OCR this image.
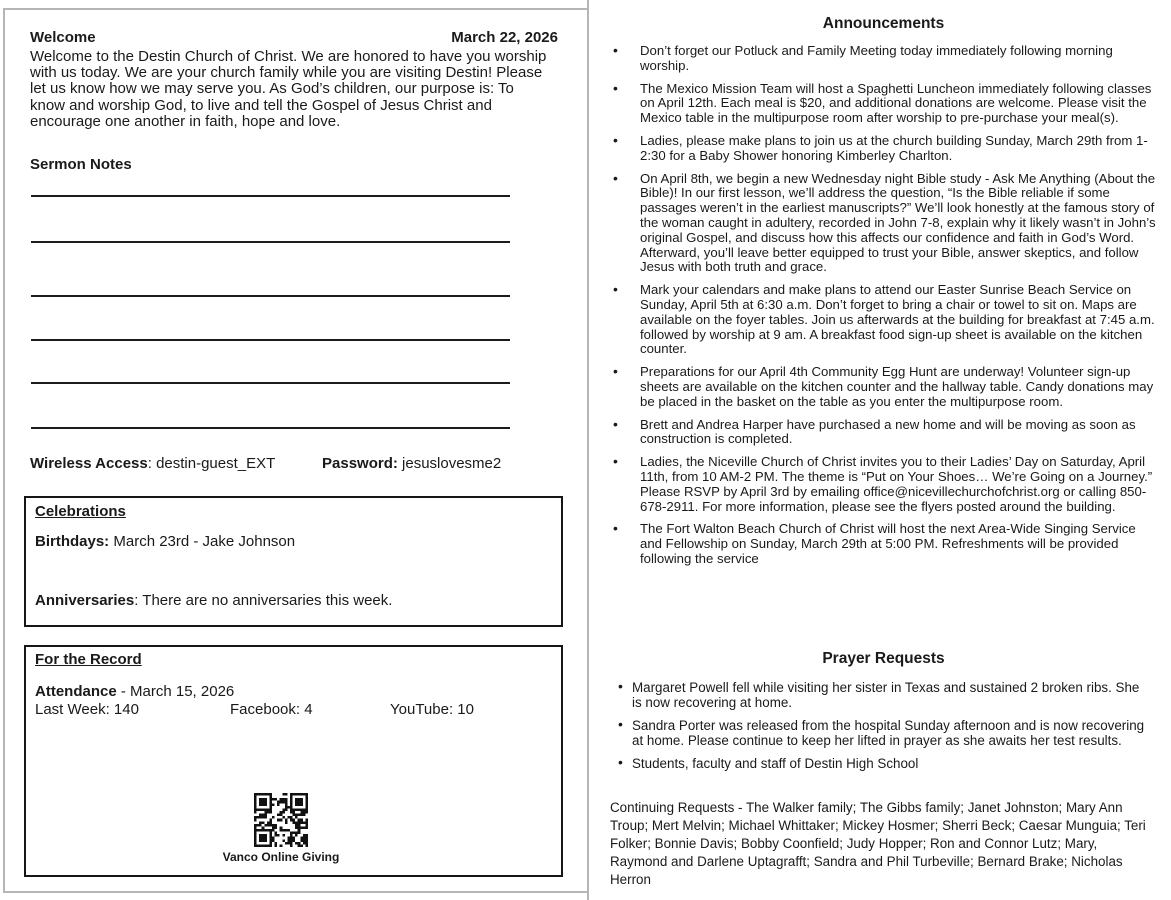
Welcome	March 22, 2026
Welcome to the Destin Church of Christ. We are honored to have you worship with us today. We are your church family while you are visiting Destin! Please let us know how we may serve you. As God’s children, our purpose is: To know and worship God, to live and tell the Gospel of Jesus Christ and encourage one another in faith, hope and love.
Sermon Notes
Wireless Access: destin-guest_EXT	Password: jesuslovesme2
Celebrations
Birthdays: March 23rd - Jake Johnson
Anniversaries: There are no anniversaries this week.
For the Record
Attendance - March 15, 2026
Last Week: 140	Facebook: 4	YouTube: 10
Vanco Online Giving
Announcements
• Don’t forget our Potluck and Family Meeting today immediately following morning worship.
• The Mexico Mission Team will host a Spaghetti Luncheon immediately following classes on April 12th. Each meal is $20, and additional donations are welcome. Please visit the Mexico table in the multipurpose room after worship to pre-purchase your meal(s).
• Ladies, please make plans to join us at the church building Sunday, March 29th from 1- 2:30 for a Baby Shower honoring Kimberley Charlton.
• On April 8th, we begin a new Wednesday night Bible study - Ask Me Anything (About the Bible)! In our first lesson, we’ll address the question, “Is the Bible reliable if some passages weren’t in the earliest manuscripts?” We’ll look honestly at the famous story of the woman caught in adultery, recorded in John 7-8, explain why it likely wasn’t in John’s original Gospel, and discuss how this affects our confidence and faith in God’s Word. Afterward, you’ll leave better equipped to trust your Bible, answer skeptics, and follow Jesus with both truth and grace.
• Mark your calendars and make plans to attend our Easter Sunrise Beach Service on Sunday, April 5th at 6:30 a.m. Don’t forget to bring a chair or towel to sit on. Maps are available on the foyer tables. Join us afterwards at the building for breakfast at 7:45 a.m. followed by worship at 9 am. A breakfast food sign-up sheet is available on the kitchen counter.
• Preparations for our April 4th Community Egg Hunt are underway! Volunteer sign-up sheets are available on the kitchen counter and the hallway table. Candy donations may be placed in the basket on the table as you enter the multipurpose room.
• Brett and Andrea Harper have purchased a new home and will be moving as soon as construction is completed.
• Ladies, the Niceville Church of Christ invites you to their Ladies’ Day on Saturday, April 11th, from 10 AM-2 PM. The theme is “Put on Your Shoes… We’re Going on a Journey.” Please RSVP by April 3rd by emailing office@nicevillechurchofchrist.org or calling 850-678-2911. For more information, please see the flyers posted around the building.
• The Fort Walton Beach Church of Christ will host the next Area-Wide Singing Service and Fellowship on Sunday, March 29th at 5:00 PM. Refreshments will be provided following the service
Prayer Requests
• Margaret Powell fell while visiting her sister in Texas and sustained 2 broken ribs. She is now recovering at home.
• Sandra Porter was released from the hospital Sunday afternoon and is now recovering at home. Please continue to keep her lifted in prayer as she awaits her test results.
• Students, faculty and staff of Destin High School
Continuing Requests - The Walker family; The Gibbs family; Janet Johnston; Mary Ann Troup; Mert Melvin; Michael Whittaker; Mickey Hosmer; Sherri Beck; Caesar Munguia; Teri Folker; Bonnie Davis; Bobby Coonfield; Judy Hopper; Ron and Connor Lutz; Mary, Raymond and Darlene Uptagrafft; Sandra and Phil Turbeville; Bernard Brake; Nicholas Herron
